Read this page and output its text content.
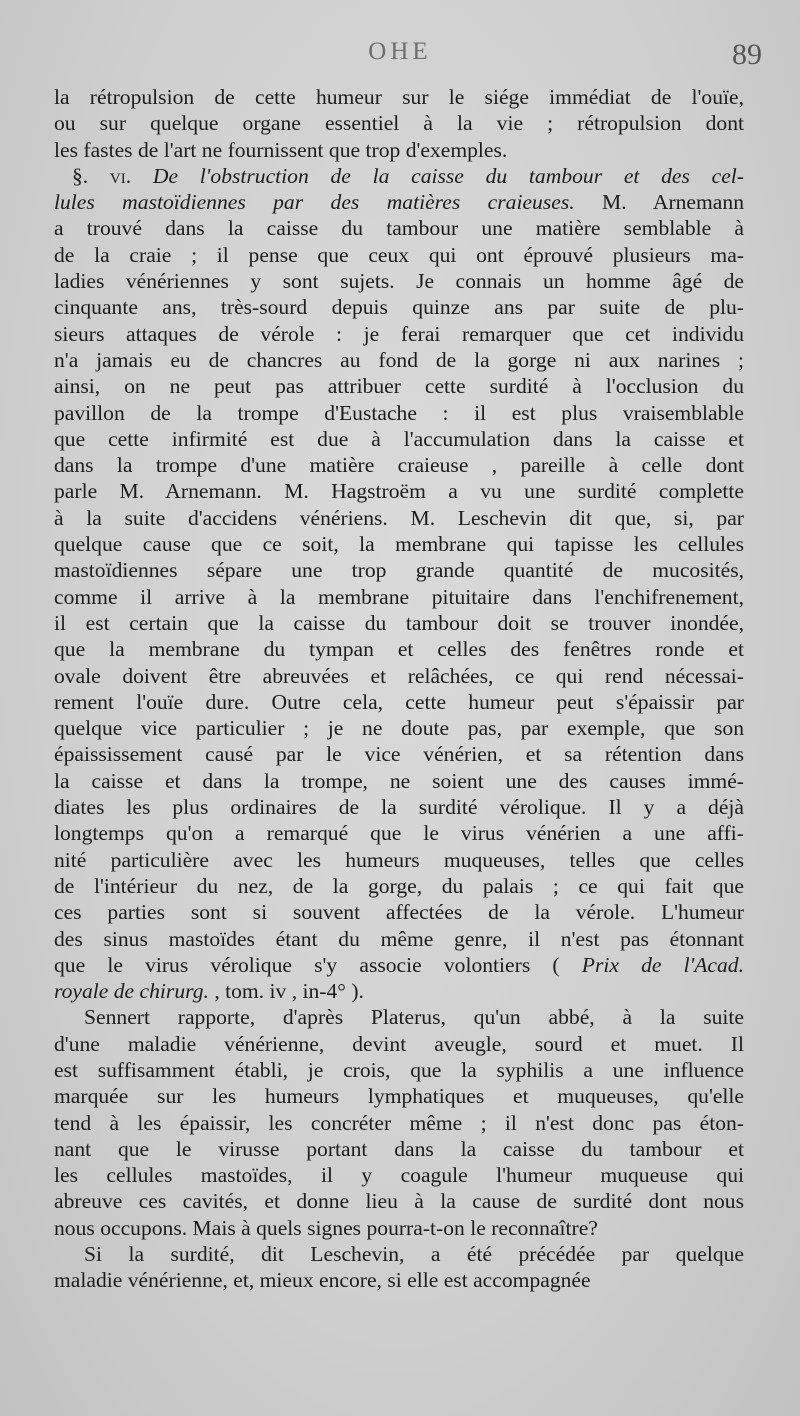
OHE	89
la rétropulsion de cette humeur sur le siége immédiat de l'ouïe,
ou sur quelque organe essentiel à la vie ; rétropulsion dont
les fastes de l'art ne fournissent que trop d'exemples.
§. vi. De l'obstruction de la caisse du tambour et des cel-
lules mastoïdiennes par des matières craieuses. M. Arnemann
a trouvé dans la caisse du tambour une matière semblable à
de la craie ; il pense que ceux qui ont éprouvé plusieurs ma-
ladies vénériennes y sont sujets. Je connais un homme âgé de
cinquante ans, très-sourd depuis quinze ans par suite de plu-
sieurs attaques de vérole : je ferai remarquer que cet individu
n'a jamais eu de chancres au fond de la gorge ni aux narines ;
ainsi, on ne peut pas attribuer cette surdité à l'occlusion du
pavillon de la trompe d'Eustache : il est plus vraisemblable
que cette infirmité est due à l'accumulation dans la caisse et
dans la trompe d'une matière craieuse , pareille à celle dont
parle M. Arnemann. M. Hagstroëm a vu une surdité complette
à la suite d'accidens vénériens. M. Leschevin dit que, si, par
quelque cause que ce soit, la membrane qui tapisse les cellules
mastoïdiennes sépare une trop grande quantité de mucosités,
comme il arrive à la membrane pituitaire dans l'enchifrenement,
il est certain que la caisse du tambour doit se trouver inondée,
que la membrane du tympan et celles des fenêtres ronde et
ovale doivent être abreuvées et relâchées, ce qui rend nécessai-
rement l'ouïe dure. Outre cela, cette humeur peut s'épaissir par
quelque vice particulier ; je ne doute pas, par exemple, que son
épaississement causé par le vice vénérien, et sa rétention dans
la caisse et dans la trompe, ne soient une des causes immé-
diates les plus ordinaires de la surdité vérolique. Il y a déjà
longtemps qu'on a remarqué que le virus vénérien a une affi-
nité particulière avec les humeurs muqueuses, telles que celles
de l'intérieur du nez, de la gorge, du palais ; ce qui fait que
ces parties sont si souvent affectées de la vérole. L'humeur
des sinus mastoïdes étant du même genre, il n'est pas étonnant
que le virus vérolique s'y associe volontiers ( Prix de l'Acad.
royale de chirurg. , tom. iv , in-4° ).
Sennert rapporte, d'après Platerus, qu'un abbé, à la suite
d'une maladie vénérienne, devint aveugle, sourd et muet. Il
est suffisamment établi, je crois, que la syphilis a une influence
marquée sur les humeurs lymphatiques et muqueuses, qu'elle
tend à les épaissir, les concréter même ; il n'est donc pas éton-
nant que le virusse portant dans la caisse du tambour et
les cellules mastoïdes, il y coagule l'humeur muqueuse qui
abreuve ces cavités, et donne lieu à la cause de surdité dont nous
nous occupons. Mais à quels signes pourra-t-on le reconnaître?
Si la surdité, dit Leschevin, a été précédée par quelque
maladie vénérienne, et, mieux encore, si elle est accompagnée
